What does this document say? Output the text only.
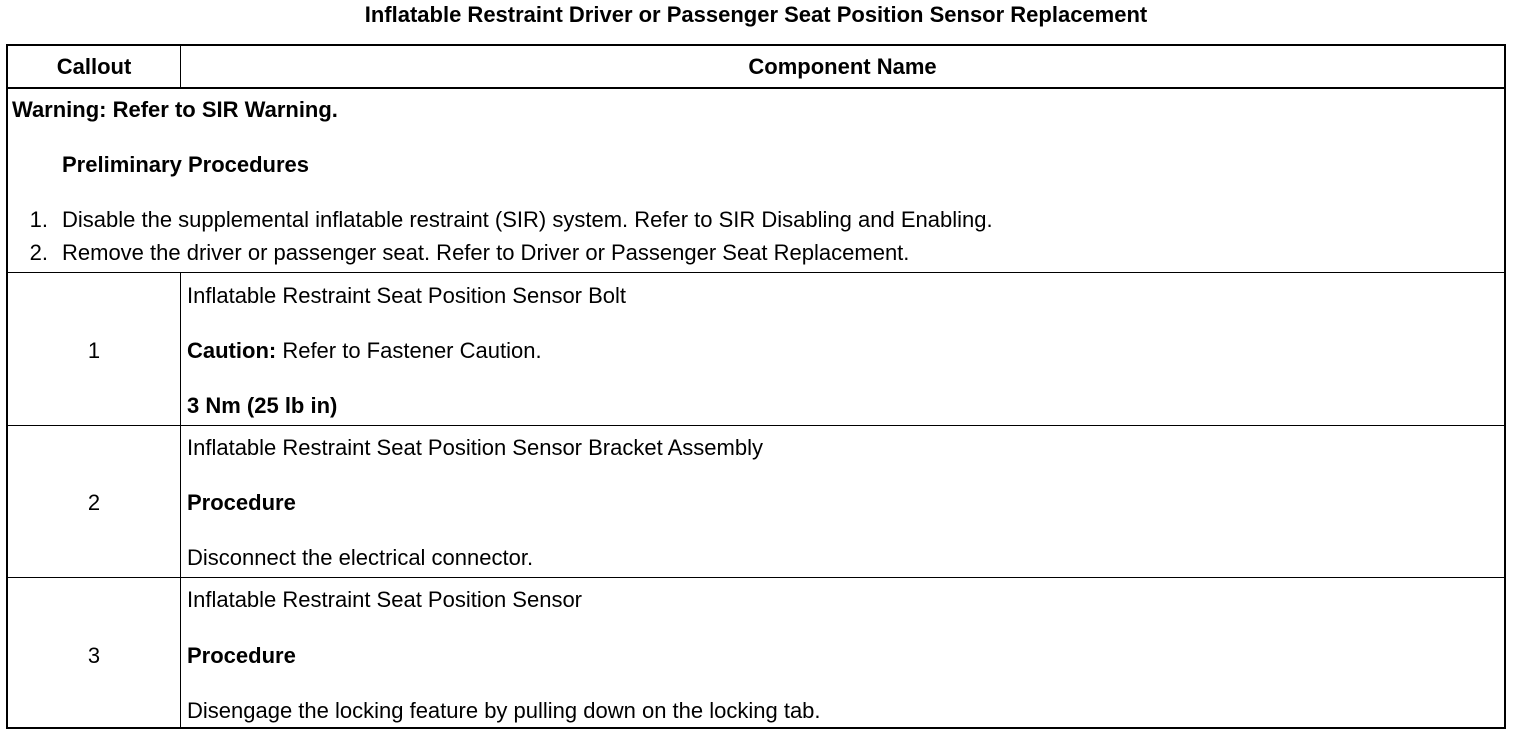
Inflatable Restraint Driver or Passenger Seat Position Sensor Replacement
Callout	Component Name
Warning: Refer to SIR Warning.
Preliminary Procedures
1. Disable the supplemental inflatable restraint (SIR) system. Refer to SIR Disabling and Enabling.
2. Remove the driver or passenger seat. Refer to Driver or Passenger Seat Replacement.
1
Inflatable Restraint Seat Position Sensor Bolt
Caution: Refer to Fastener Caution.
3 Nm (25 lb in)
2
Inflatable Restraint Seat Position Sensor Bracket Assembly
Procedure
Disconnect the electrical connector.
3
Inflatable Restraint Seat Position Sensor
Procedure
Disengage the locking feature by pulling down on the locking tab.
